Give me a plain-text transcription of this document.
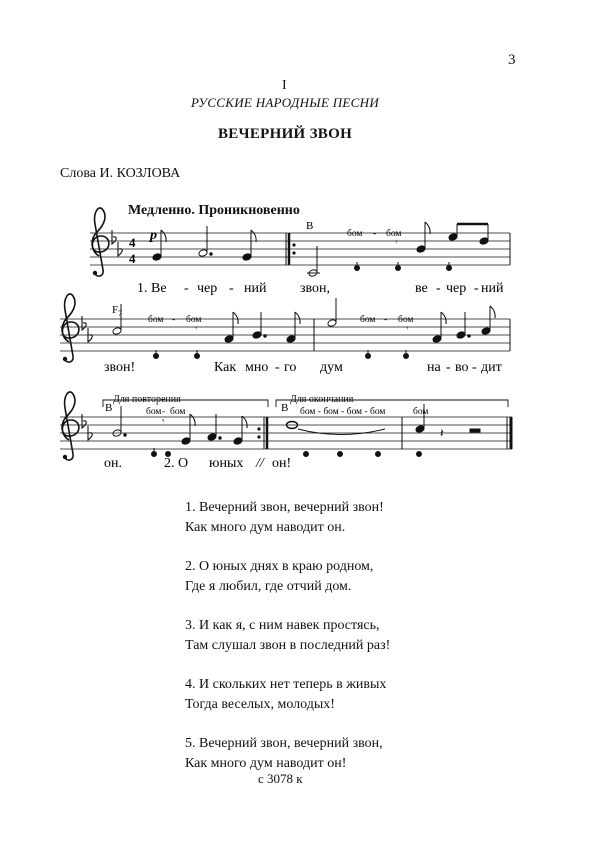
3
I
РУССКИЕ НАРОДНЫЕ ПЕСНИ
ВЕЧЕРНИЙ ЗВОН
Слова И. КОЗЛОВА
Медленно. Проникновенно
4
4
p
B
бом - бом
𝄾
1. Ве - чер - ний звон,	ве - чер - ний
$F_7$
бом - бом
𝄾
бом - бом
𝄾
звон!	Как мно - го дум	на - во - дит
Для повторения	Для окончания
B	B
𝄽
бом - бом
𝄾
бом - бом - бом - бом	бом
он.	2. О юных // он!
1. Вечерний звон, вечерний звон!
Как много дум наводит он.
2. О юных днях в краю родном,
Где я любил, где отчий дом.
3. И как я, с ним навек простясь,
Там слушал звон в последний раз!
4. И скольких нет теперь в живых
Тогда веселых, молодых!
5. Вечерний звон, вечерний звон,
Как много дум наводит он!
с 3078 к
